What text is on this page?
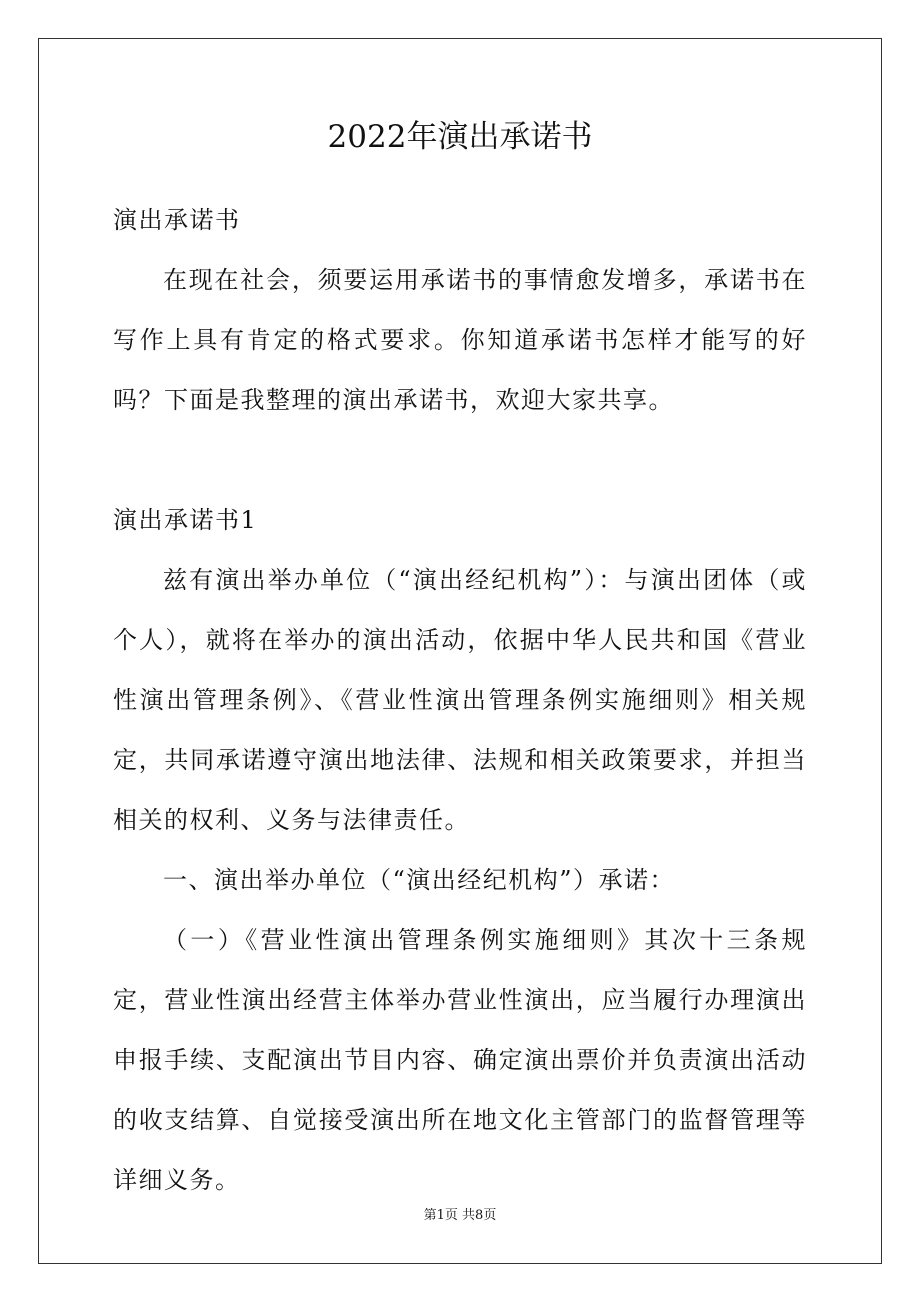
2022年演出承诺书

演出承诺书

在现在社会，须要运用承诺书的事情愈发增多，承诺书在写作上具有肯定的格式要求。你知道承诺书怎样才能写的好吗？下面是我整理的演出承诺书，欢迎大家共享。

演出承诺书1

兹有演出举办单位（“演出经纪机构”）：与演出团体（或个人），就将在举办的演出活动，依据中华人民共和国《营业性演出管理条例》、《营业性演出管理条例实施细则》相关规定，共同承诺遵守演出地法律、法规和相关政策要求，并担当相关的权利、义务与法律责任。

一、演出举办单位（“演出经纪机构”）承诺：

（一）《营业性演出管理条例实施细则》其次十三条规定，营业性演出经营主体举办营业性演出，应当履行办理演出申报手续、支配演出节目内容、确定演出票价并负责演出活动的收支结算、自觉接受演出所在地文化主管部门的监督管理等详细义务。

第1页 共8页
